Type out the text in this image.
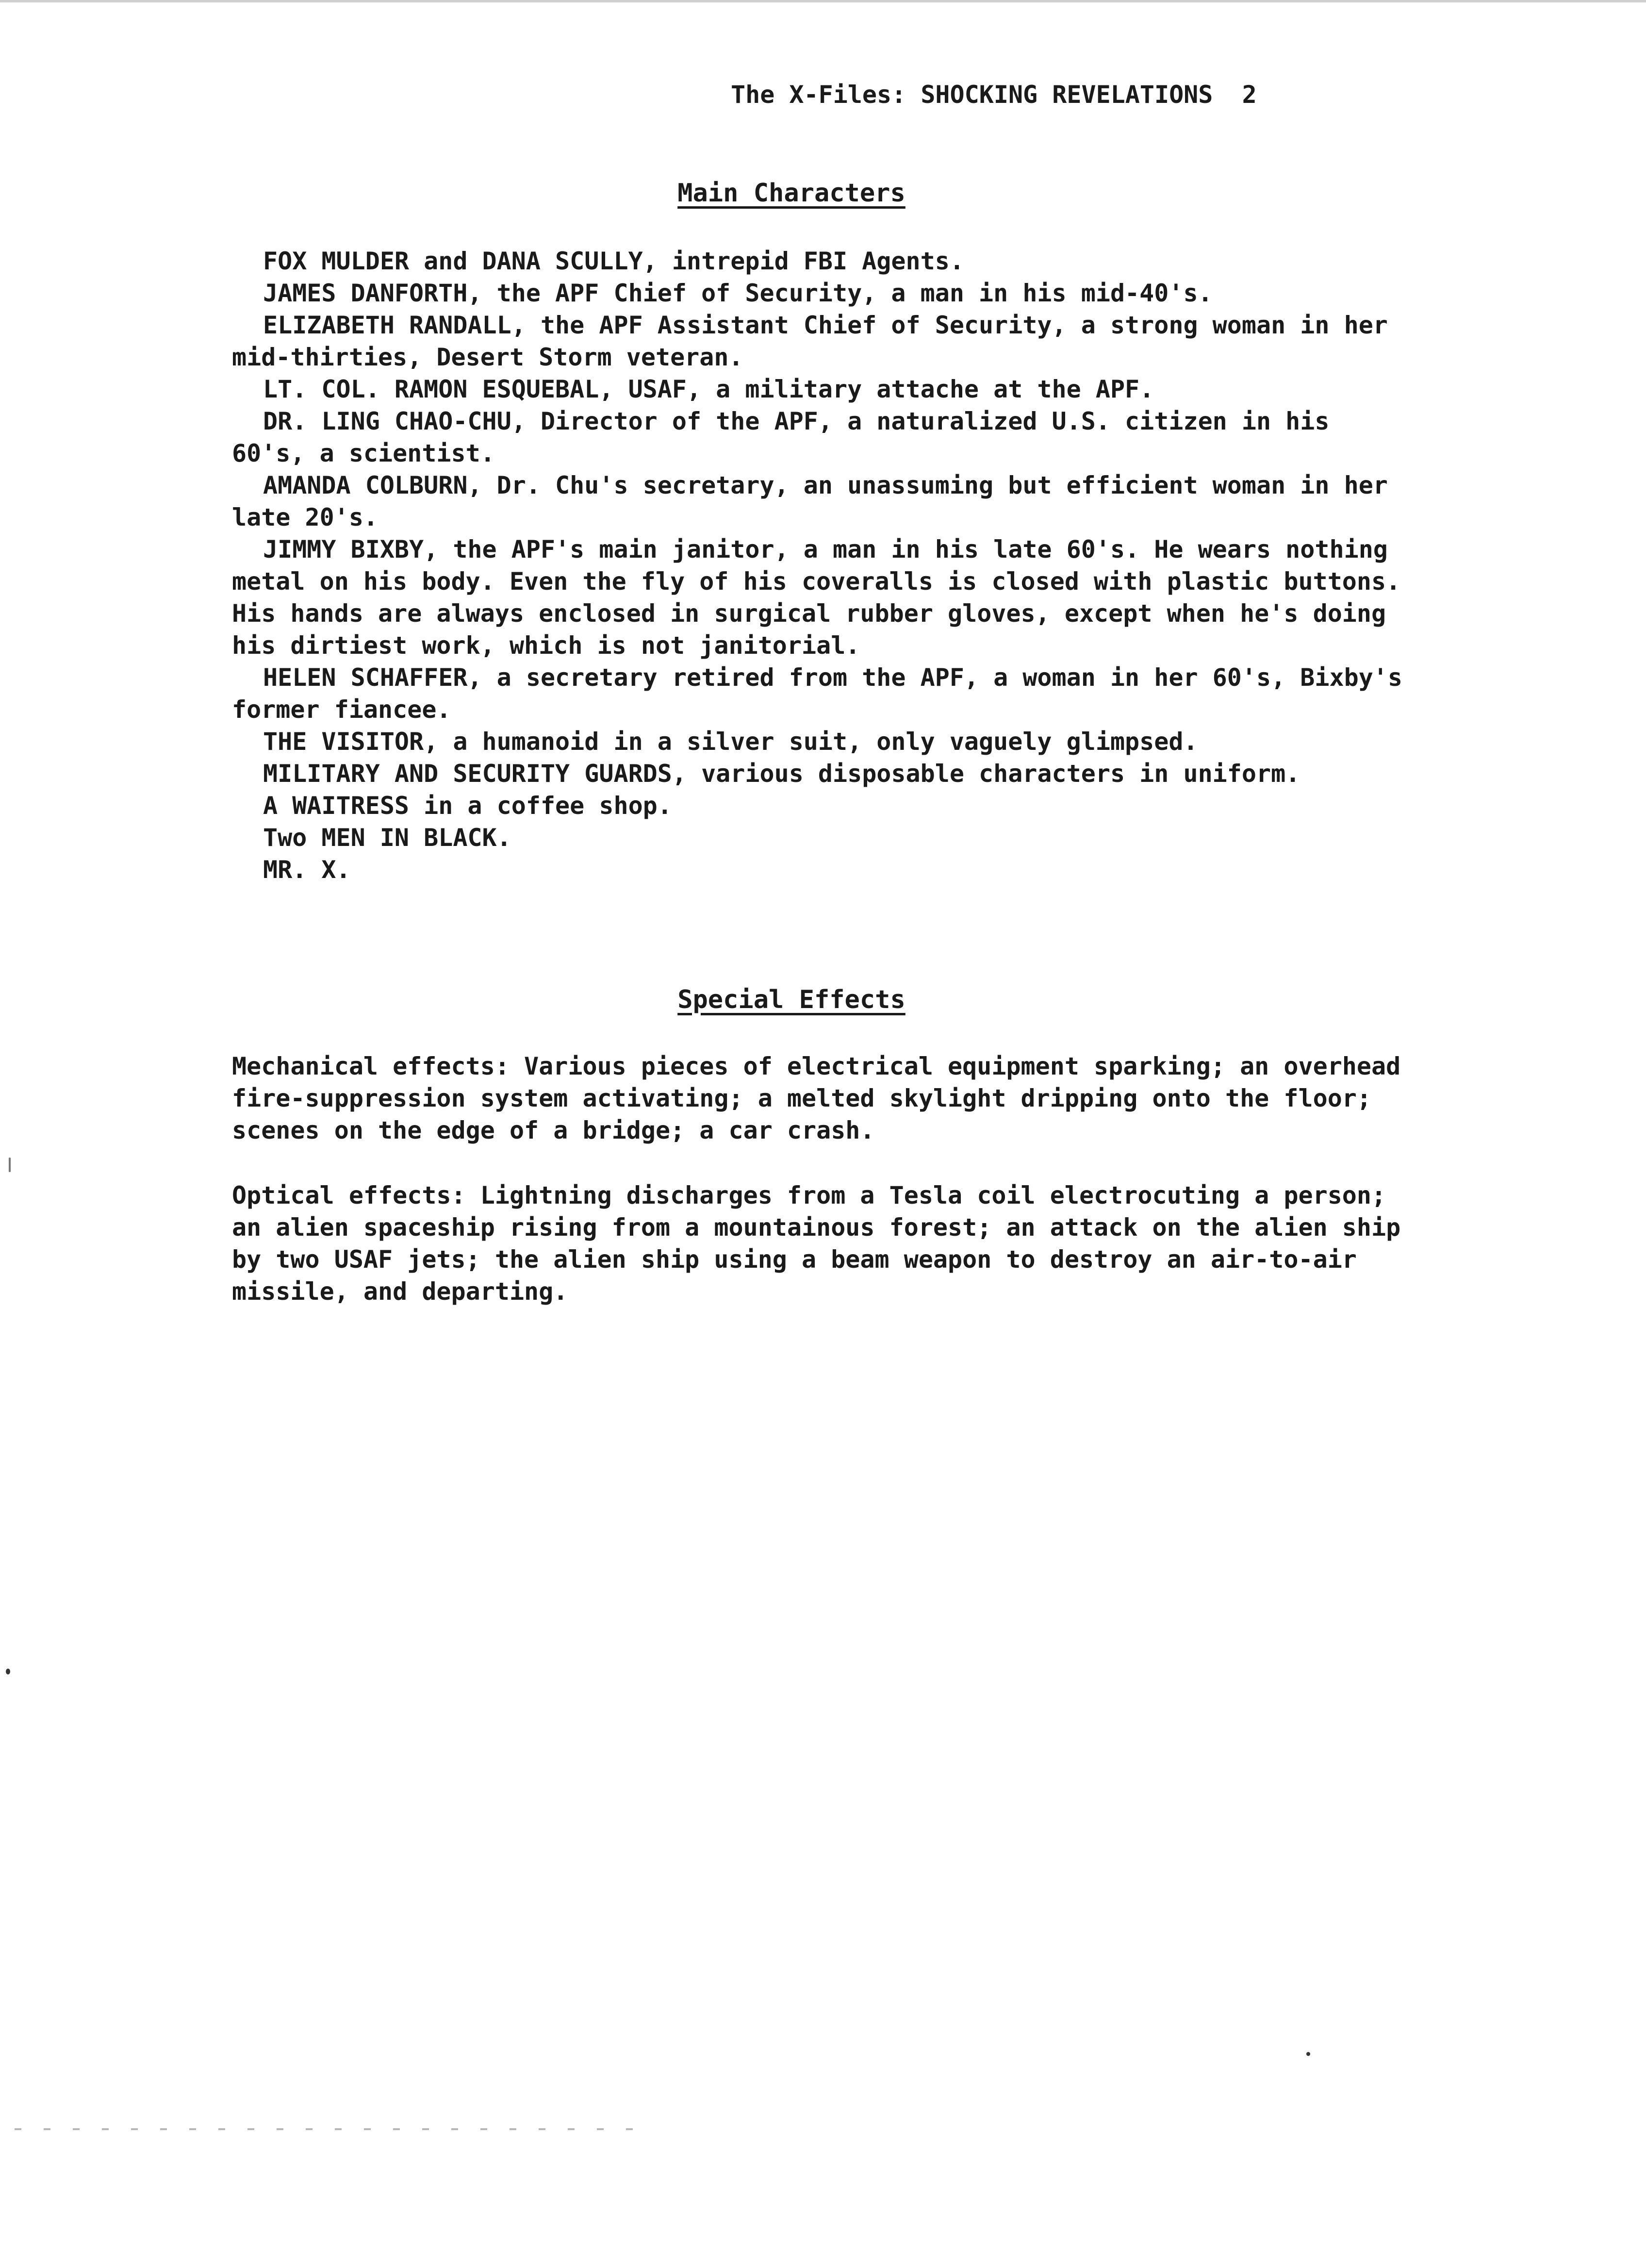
The X-Files: SHOCKING REVELATIONS  2
Main Characters

FOX MULDER and DANA SCULLY, intrepid FBI Agents.

JAMES DANFORTH, the APF Chief of Security, a man in his mid-40's.

ELIZABETH RANDALL, the APF Assistant Chief of Security, a strong woman in her mid-thirties, Desert Storm veteran.

LT. COL. RAMON ESQUEBAL, USAF, a military attache at the APF.

DR. LING CHAO-CHU, Director of the APF, a naturalized U.S. citizen in his 60's, a scientist.

AMANDA COLBURN, Dr. Chu's secretary, an unassuming but efficient woman in her late 20's.

JIMMY BIXBY, the APF's main janitor, a man in his late 60's. He wears nothing metal on his body. Even the fly of his coveralls is closed with plastic buttons. His hands are always enclosed in surgical rubber gloves, except when he's doing his dirtiest work, which is not janitorial.

HELEN SCHAFFER, a secretary retired from the APF, a woman in her 60's, Bixby's former fiancee.

THE VISITOR, a humanoid in a silver suit, only vaguely glimpsed.

MILITARY AND SECURITY GUARDS, various disposable characters in uniform.

A WAITRESS in a coffee shop.

Two MEN IN BLACK.

MR. X.

Special Effects

Mechanical effects: Various pieces of electrical equipment sparking; an overhead fire-suppression system activating; a melted skylight dripping onto the floor; scenes on the edge of a bridge; a car crash.

Optical effects: Lightning discharges from a Tesla coil electrocuting a person; an alien spaceship rising from a mountainous forest; an attack on the alien ship by two USAF jets; the alien ship using a beam weapon to destroy an air-to-air missile, and departing.
